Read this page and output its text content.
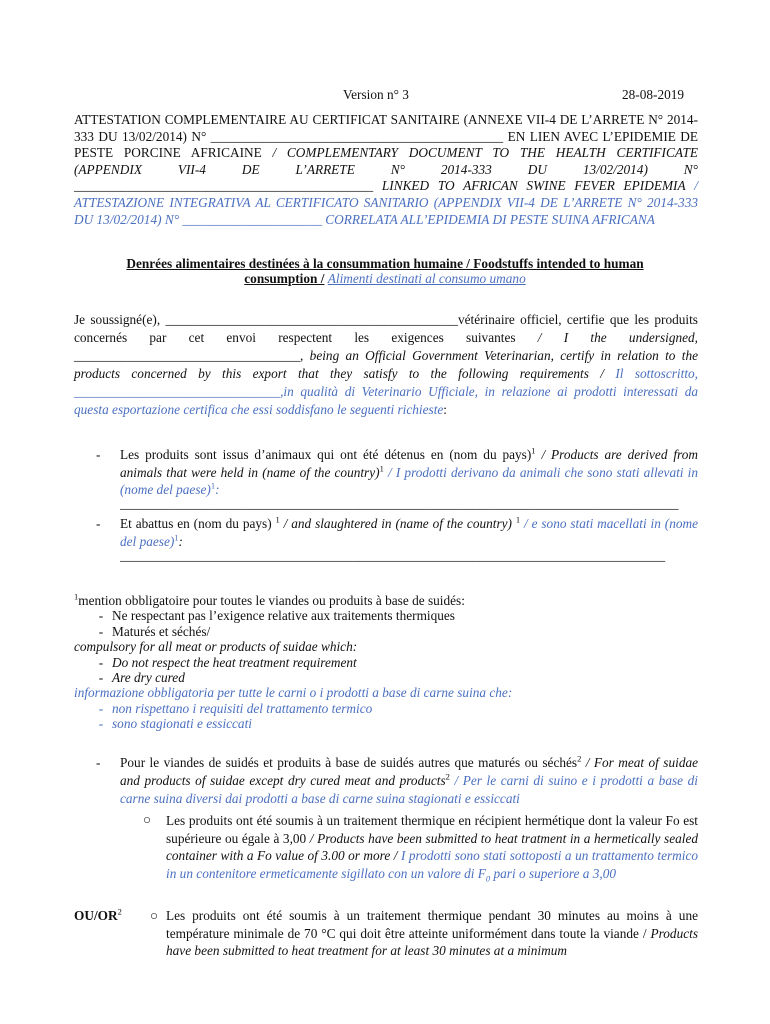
Version n° 3	28-08-2019
ATTESTATION COMPLEMENTAIRE AU CERTIFICAT SANITAIRE (ANNEXE VII-4 DE L’ARRETE N° 2014-333 DU 13/02/2014) N° ____________________________________________ EN LIEN AVEC L’EPIDEMIE DE PESTE PORCINE AFRICAINE / COMPLEMENTARY DOCUMENT TO THE HEALTH CERTIFICATE (APPENDIX VII-4 DE L’ARRETE N° 2014-333 DU 13/02/2014) N° _____________________________________________ LINKED TO AFRICAN SWINE FEVER EPIDEMIA / ATTESTAZIONE INTEGRATIVA AL CERTIFICATO SANITARIO (APPENDIX VII-4 DE L’ARRETE N° 2014-333 DU 13/02/2014) N° _____________________ CORRELATA ALL’EPIDEMIA DI PESTE SUINA AFRICANA
Denrées alimentaires destinées à la consummation humaine / Foodstuffs intended to human consumption / Alimenti destinati al consumo umano
Je soussigné(e), ____________________________________________vétérinaire officiel, certifie que les produits concernés par cet envoi respectent les exigences suivantes / I the undersigned, __________________________________, being an Official Government Veterinarian, certify in relation to the products concerned by this export that they satisfy to the following requirements / Il sottoscritto, _______________________________,in qualità di Veterinario Ufficiale, in relazione ai prodotti interessati da questa esportazione certifica che essi soddisfano le seguenti richieste:
- Les produits sont issus d’animaux qui ont été détenus en (nom du pays)$^1$ / Products are derived from animals that were held in (name of the country)$^1$ / I prodotti derivano da animali che sono stati allevati in (nome del paese)$^1$:
____________________________________________________________________________________
- Et abattus en (nom du pays) $^1$ / and slaughtered in (name of the country) $^1$ / e sono stati macellati in (nome del paese)$^1$:
__________________________________________________________________________________
$^1$mention obbligatoire pour toutes le viandes ou produits à base de suidés:
- Ne respectant pas l’exigence relative aux traitements thermiques
- Maturés et séchés/
compulsory for all meat or products of suidae which:
- Do not respect the heat treatment requirement
- Are dry cured
informazione obbligatoria per tutte le carni o i prodotti a base di carne suina che:
- non rispettano i requisiti del trattamento termico
- sono stagionati e essiccati
- Pour le viandes de suidés et produits à base de suidés autres que maturés ou séchés$^2$ / For meat of suidae and products of suidae except dry cured meat and products$^2$ / Per le carni di suino e i prodotti a base di carne suina diversi dai prodotti a base di carne suina stagionati e essiccati
○ Les produits ont été soumis à un traitement thermique en récipient hermétique dont la valeur Fo est supérieure ou égale à 3,00 / Products have been submitted to heat tratment in a hermetically sealed container with a Fo value of 3.00 or more / I prodotti sono stati sottoposti a un trattamento termico in un contenitore ermeticamente sigillato con un valore di $F_0$ pari o superiore a 3,00
$OU/OR^2$ ○ Les produits ont été soumis à un traitement thermique pendant 30 minutes au moins à une température minimale de 70 °C qui doit être atteinte uniformément dans toute la viande / Products have been submitted to heat treatment for at least 30 minutes at a minimum
